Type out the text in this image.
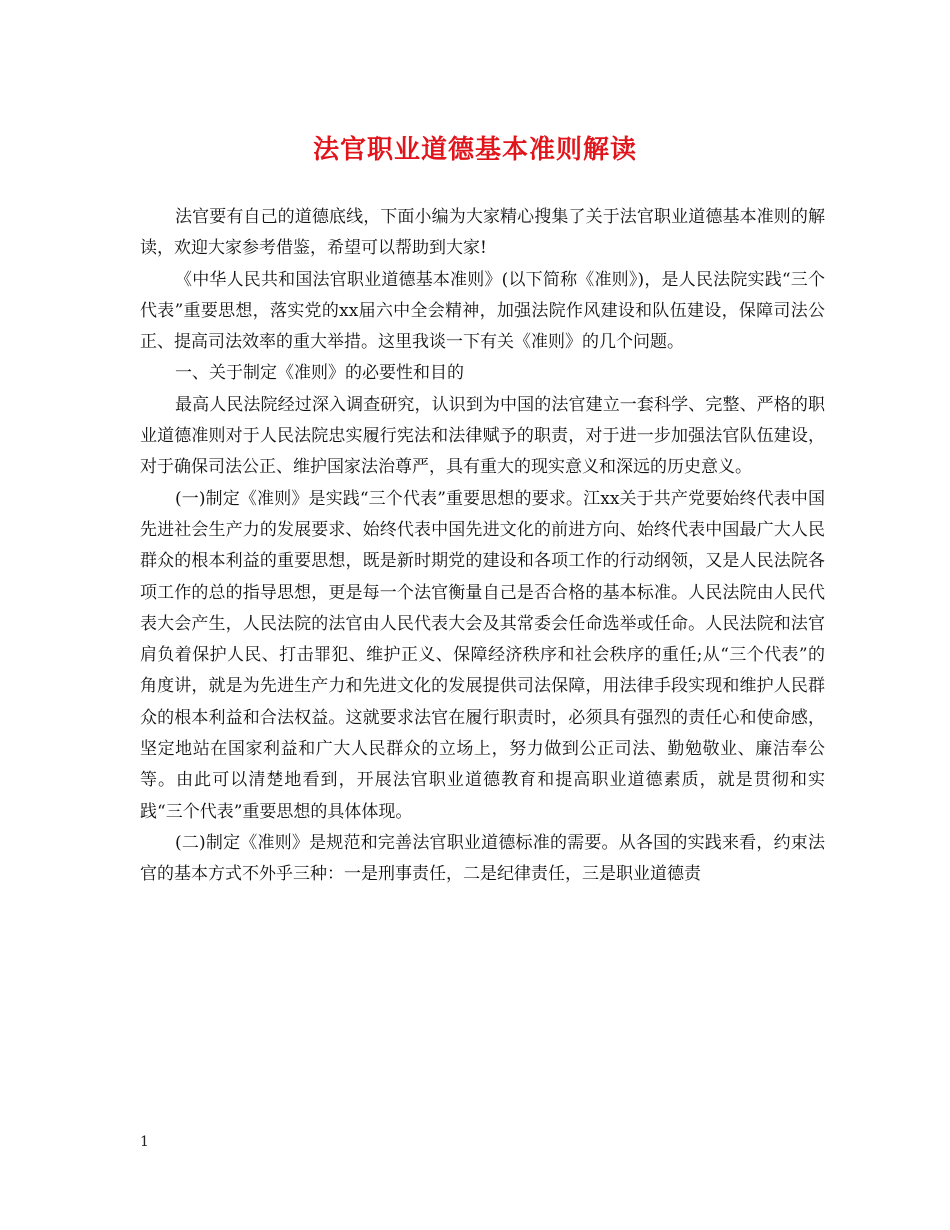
法官职业道德基本准则解读

法官要有自己的道德底线，下面小编为大家精心搜集了关于法官职业道德基本准则的解读，欢迎大家参考借鉴，希望可以帮助到大家!

《中华人民共和国法官职业道德基本准则》(以下简称《准则》)，是人民法院实践“三个代表”重要思想，落实党的xx届六中全会精神，加强法院作风建设和队伍建设，保障司法公正、提高司法效率的重大举措。这里我谈一下有关《准则》的几个问题。

一、关于制定《准则》的必要性和目的

最高人民法院经过深入调查研究，认识到为中国的法官建立一套科学、完整、严格的职业道德准则对于人民法院忠实履行宪法和法律赋予的职责，对于进一步加强法官队伍建设，对于确保司法公正、维护国家法治尊严，具有重大的现实意义和深远的历史意义。

(一)制定《准则》是实践“三个代表”重要思想的要求。江xx关于共产党要始终代表中国先进社会生产力的发展要求、始终代表中国先进文化的前进方向、始终代表中国最广大人民群众的根本利益的重要思想，既是新时期党的建设和各项工作的行动纲领，又是人民法院各项工作的总的指导思想，更是每一个法官衡量自己是否合格的基本标准。人民法院由人民代表大会产生，人民法院的法官由人民代表大会及其常委会任命选举或任命。人民法院和法官肩负着保护人民、打击罪犯、维护正义、保障经济秩序和社会秩序的重任;从“三个代表”的角度讲，就是为先进生产力和先进文化的发展提供司法保障，用法律手段实现和维护人民群众的根本利益和合法权益。这就要求法官在履行职责时，必须具有强烈的责任心和使命感，坚定地站在国家利益和广大人民群众的立场上，努力做到公正司法、勤勉敬业、廉洁奉公等。由此可以清楚地看到，开展法官职业道德教育和提高职业道德素质，就是贯彻和实践“三个代表”重要思想的具体体现。

(二)制定《准则》是规范和完善法官职业道德标准的需要。从各国的实践来看，约束法官的基本方式不外乎三种：一是刑事责任，二是纪律责任，三是职业道德责

1
